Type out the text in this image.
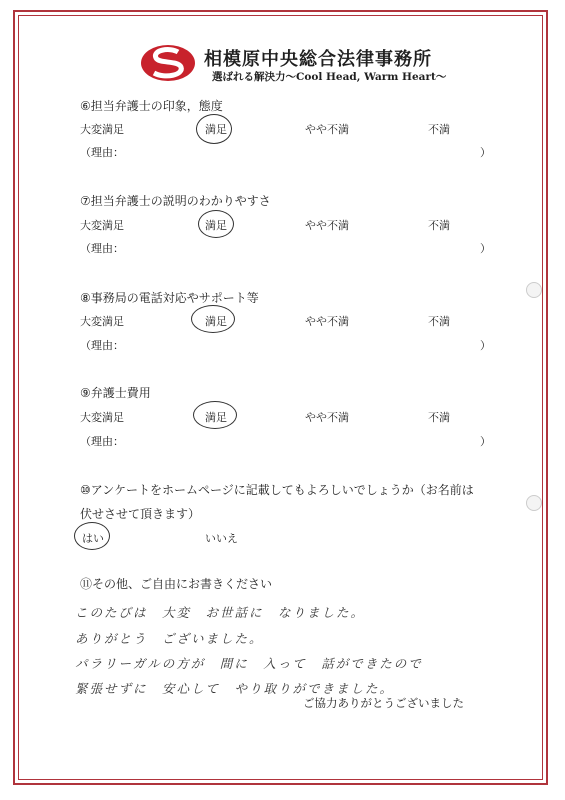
相模原中央総合法律事務所
選ばれる解決力〜Cool Head, Warm Heart〜
⑥担当弁護士の印象，態度
大変満足	満足	やや不満	不満
（理由：	）
⑦担当弁護士の説明のわかりやすさ
大変満足	満足	やや不満	不満
（理由：	）
⑧事務局の電話対応やサポート等
大変満足	満足	やや不満	不満
（理由：	）
⑨弁護士費用
大変満足	満足	やや不満	不満
（理由：	）
⑩アンケートをホームページに記載してもよろしいでしょうか（お名前は
伏せさせて頂きます）
はい	いいえ
⑪その他、ご自由にお書きください
このたびは　大変　お世話に　なりました。
ありがとう　ございました。
パラリーガルの方が　間に　入って　話ができたので
緊張せずに　安心して　やり取りができました。
ご協力ありがとうございました
